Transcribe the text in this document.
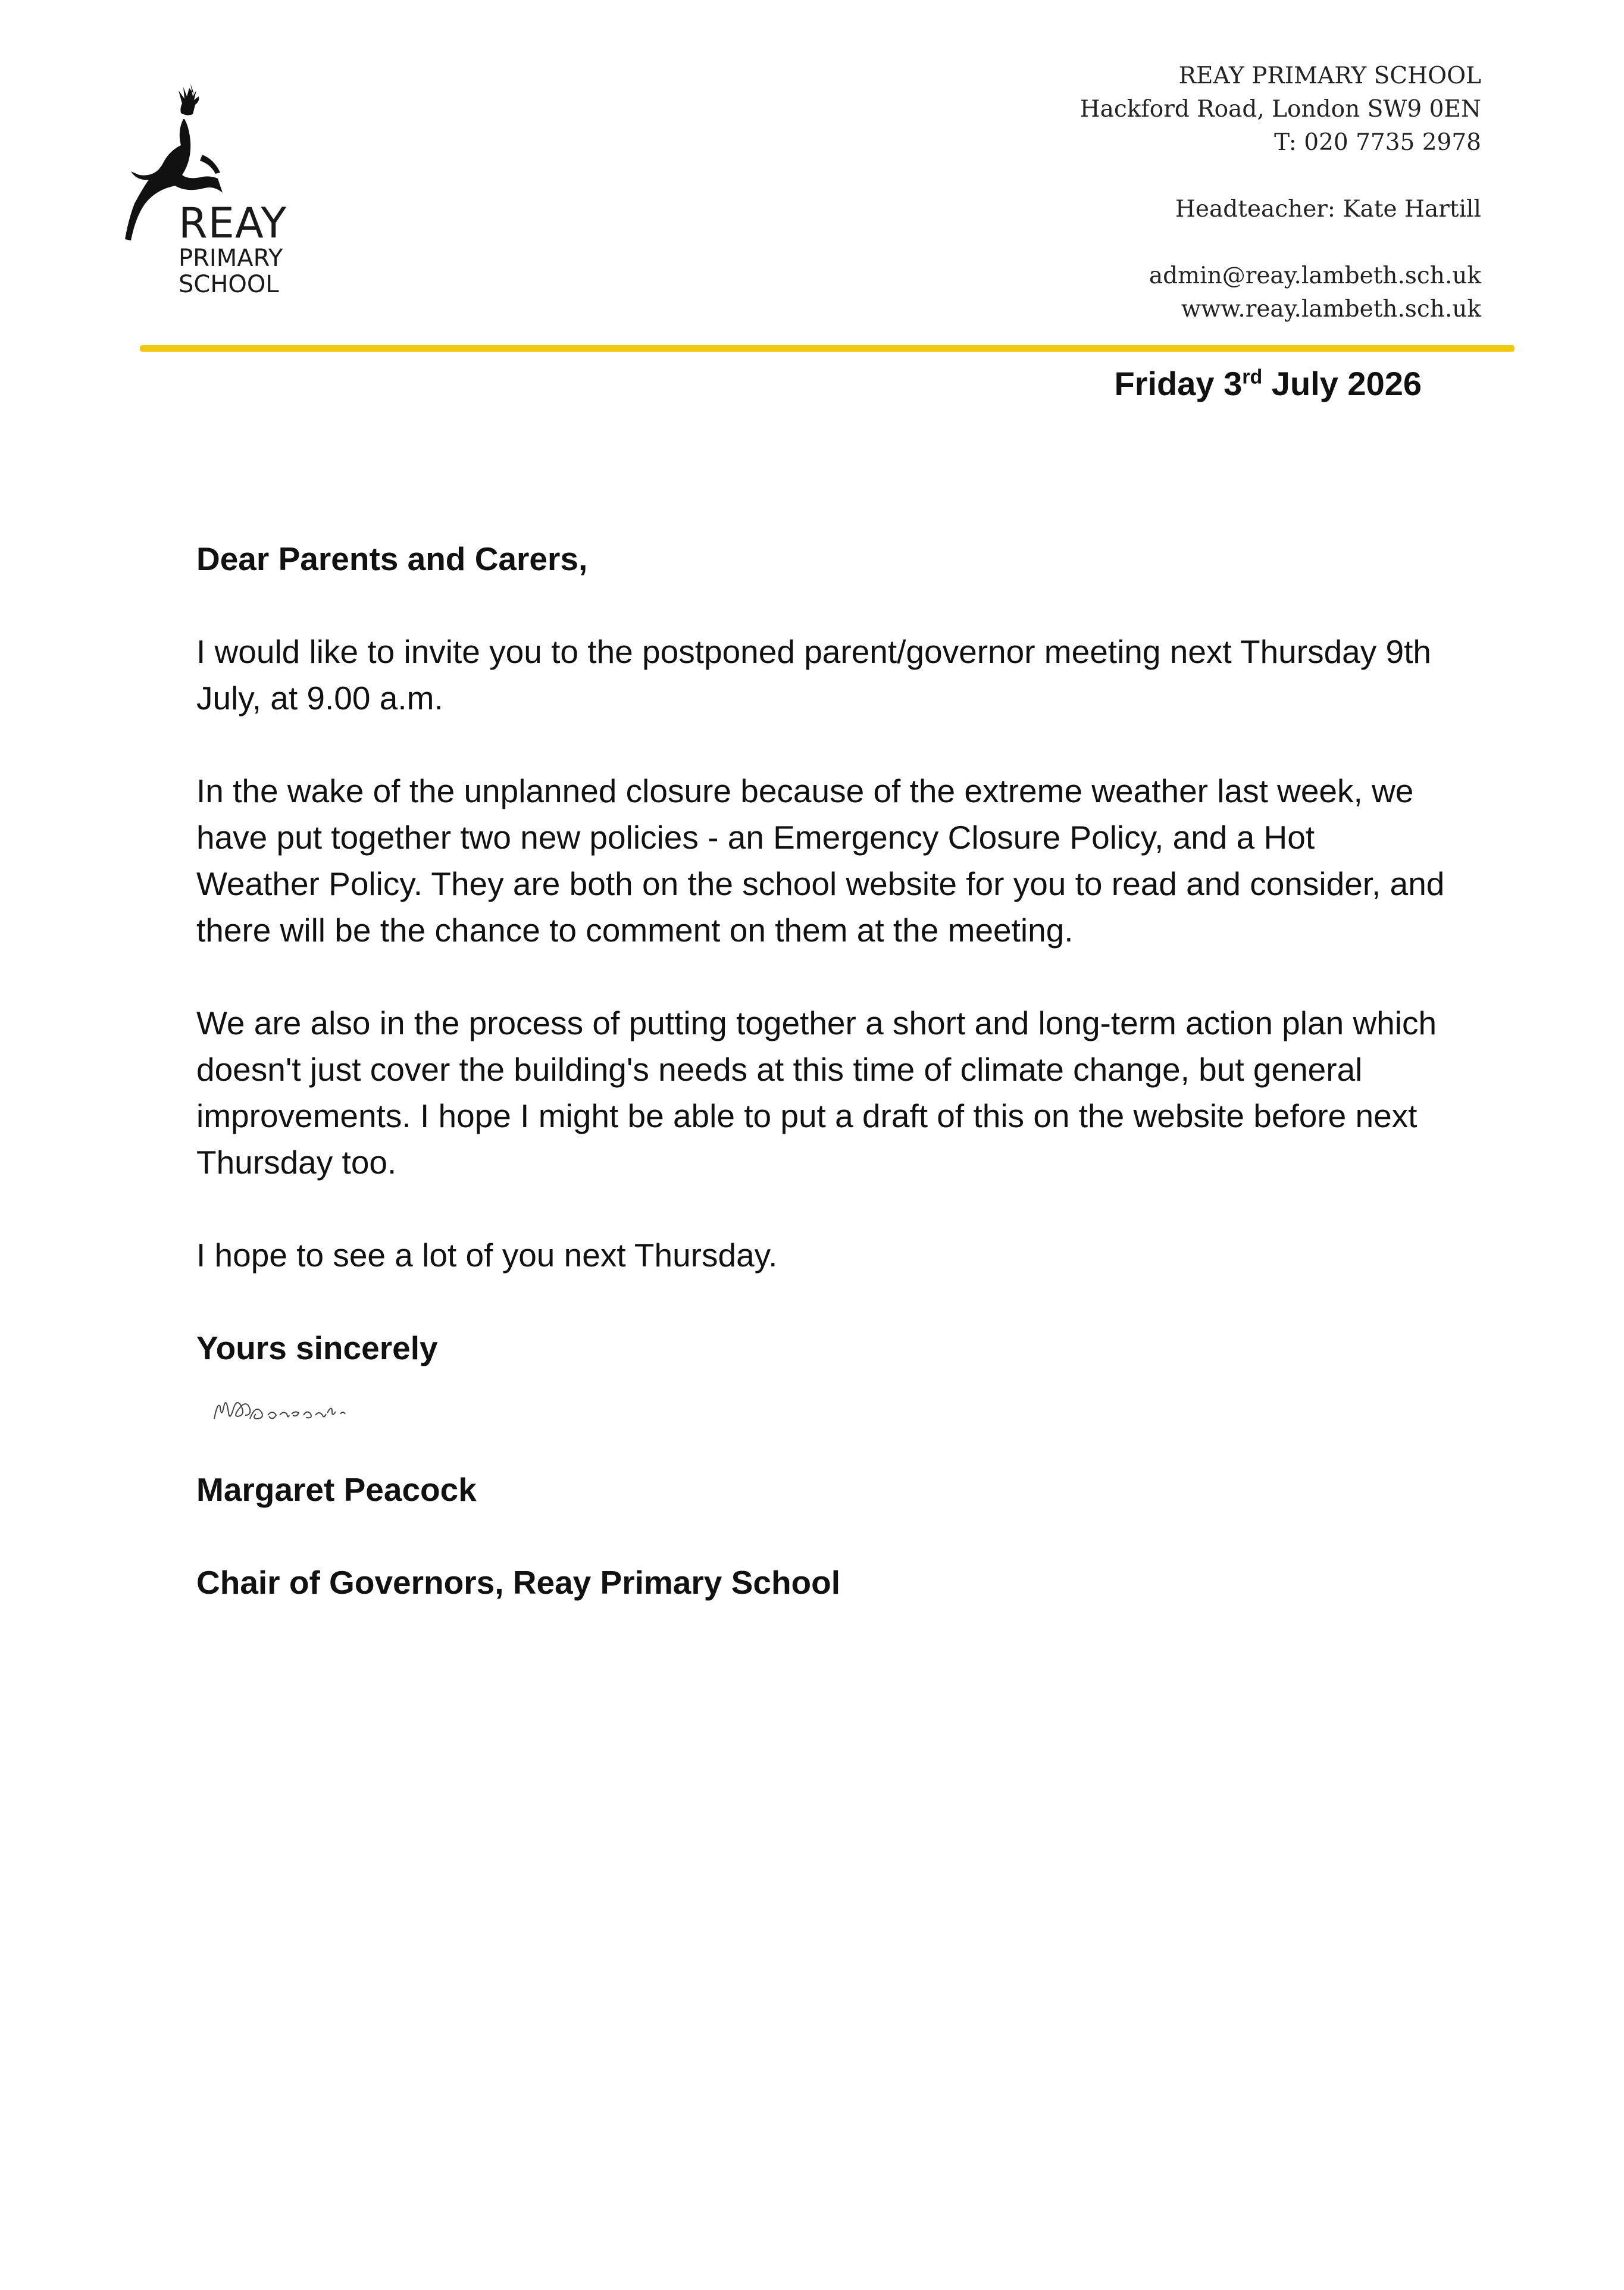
REAY
PRIMARY
SCHOOL
REAY PRIMARY SCHOOL
Hackford Road, London SW9 0EN
T: 020 7735 2978
Headteacher: Kate Hartill
admin@reay.lambeth.sch.uk
www.reay.lambeth.sch.uk
Friday 3rd July 2026

Dear Parents and Carers,

I would like to invite you to the postponed parent/governor meeting next Thursday 9th July, at 9.00 a.m.

In the wake of the unplanned closure because of the extreme weather last week, we have put together two new policies - an Emergency Closure Policy, and a Hot Weather Policy. They are both on the school website for you to read and consider, and there will be the chance to comment on them at the meeting.

We are also in the process of putting together a short and long-term action plan which doesn't just cover the building's needs at this time of climate change, but general improvements. I hope I might be able to put a draft of this on the website before next Thursday too.

I hope to see a lot of you next Thursday.

Yours sincerely

Margaret Peacock

Chair of Governors, Reay Primary School
